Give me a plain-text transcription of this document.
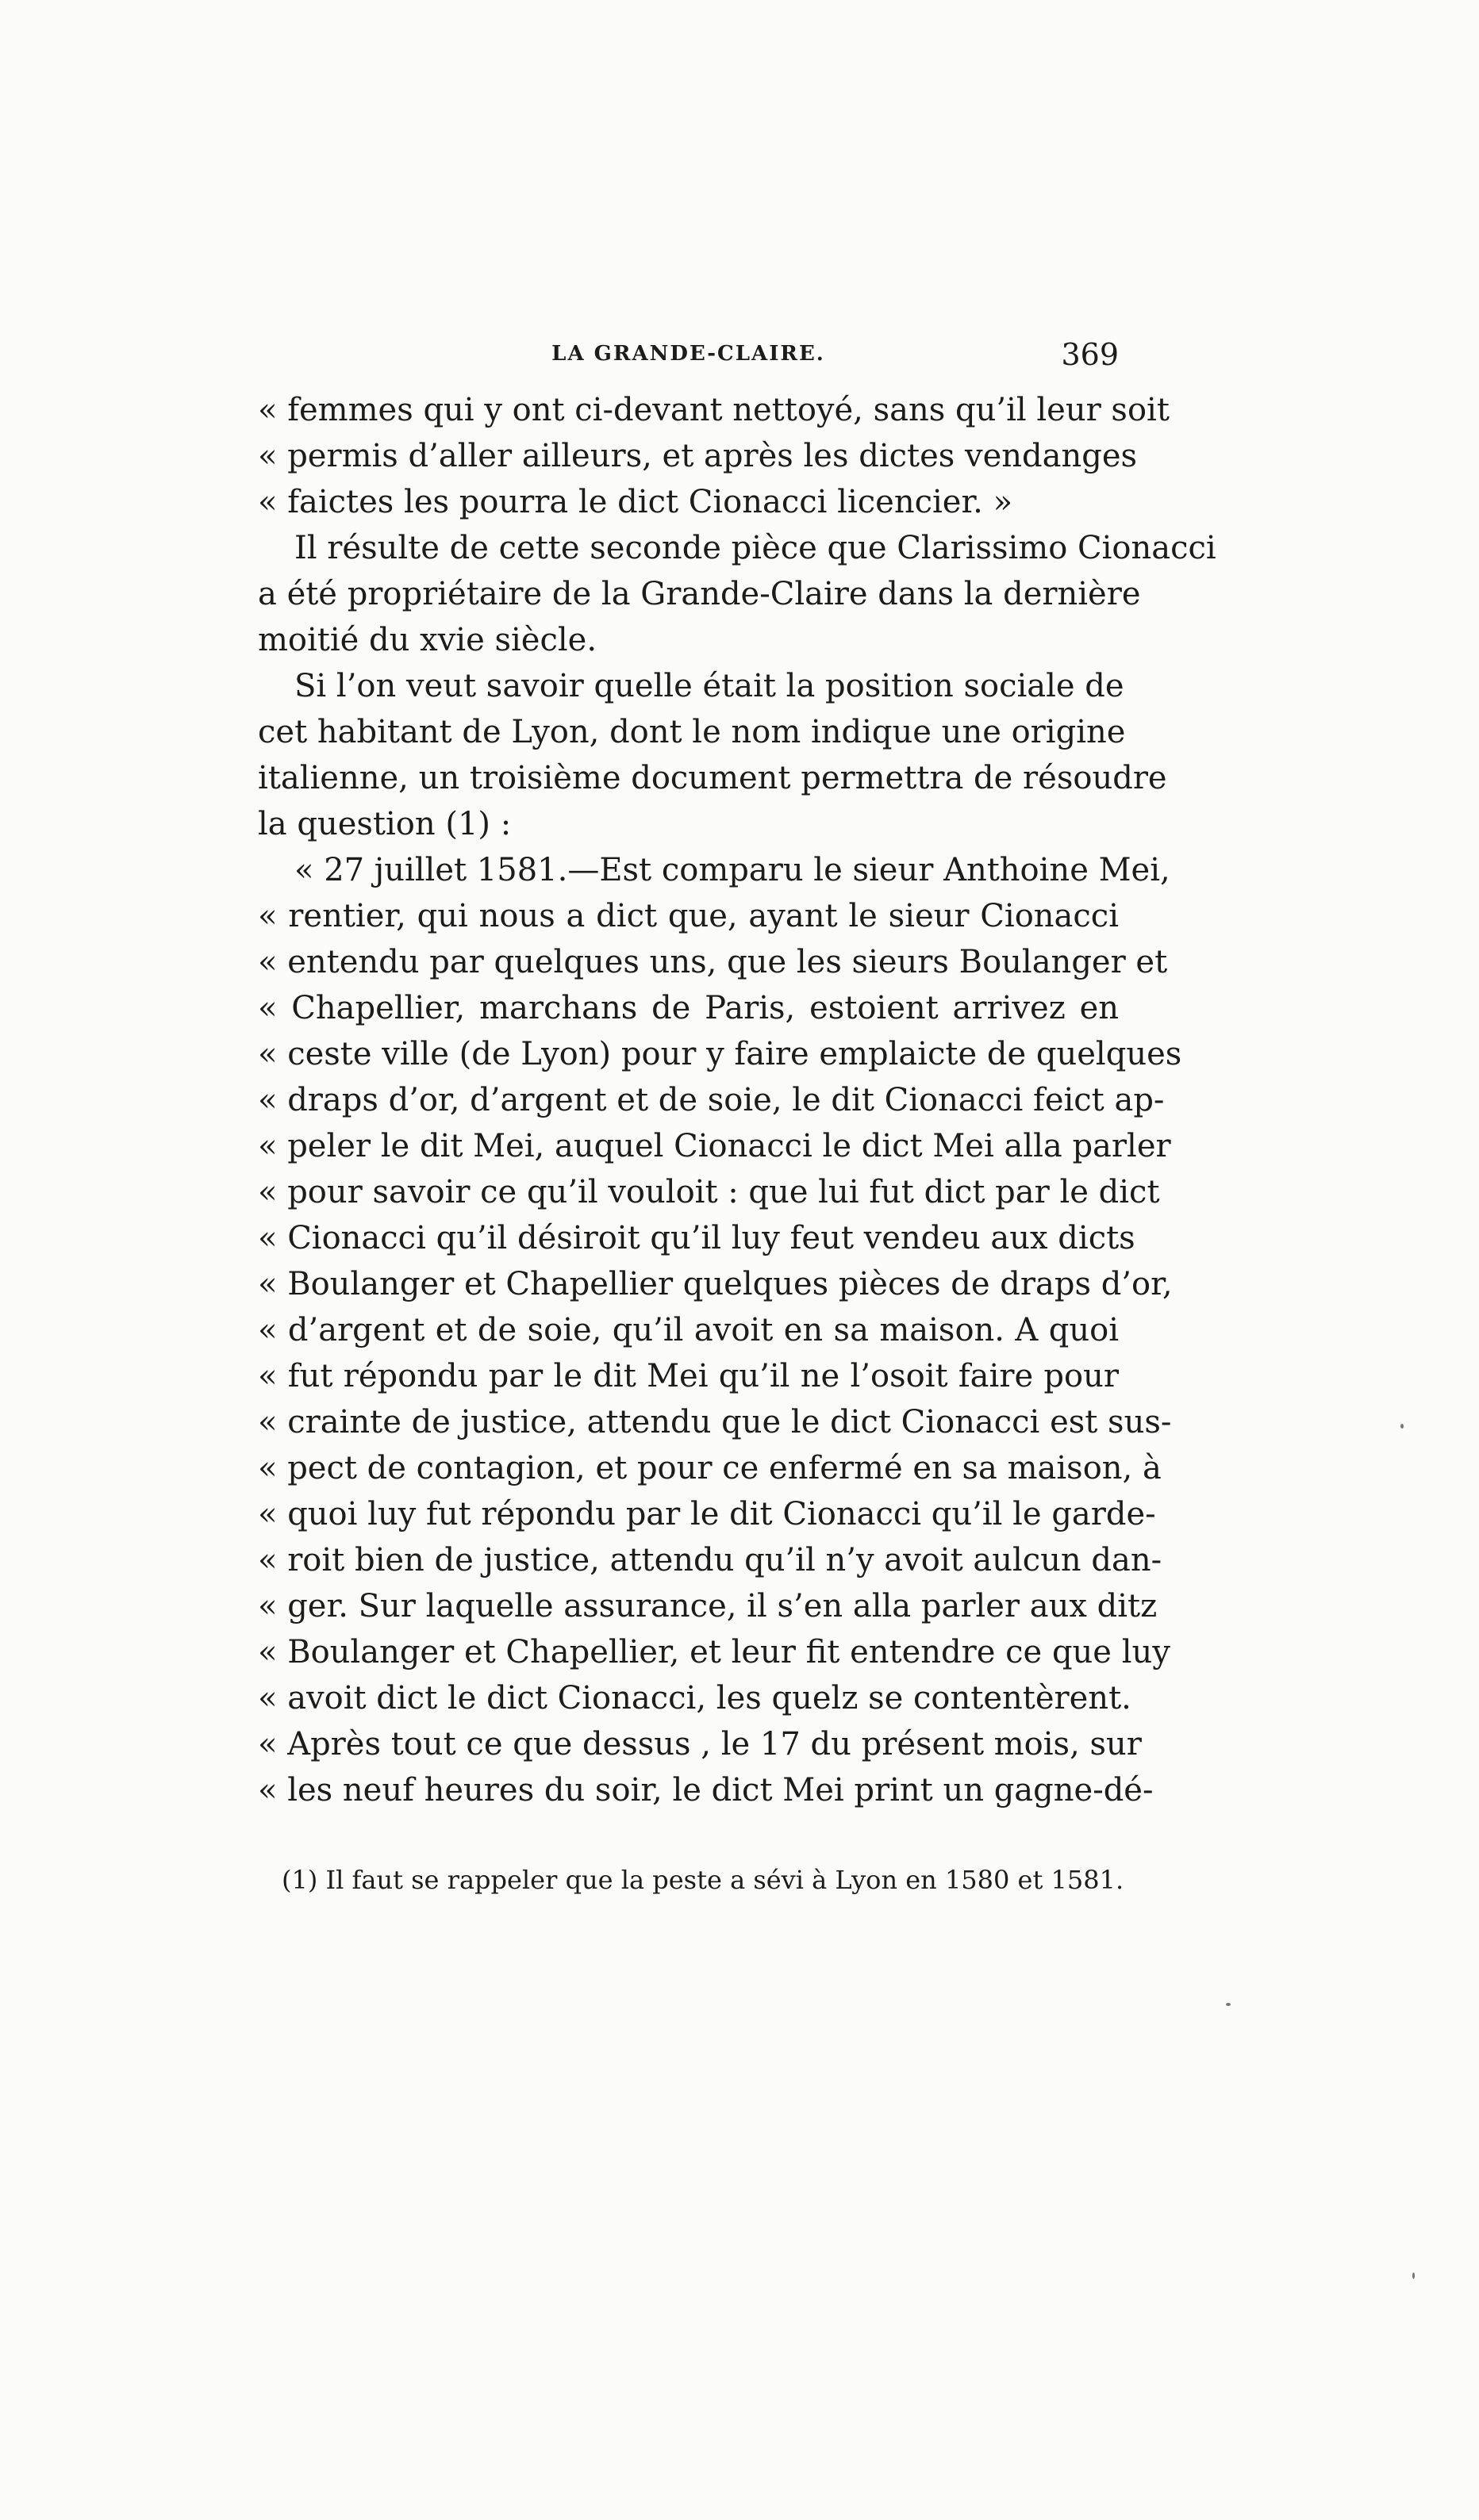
LA GRANDE-CLAIRE.	369
« femmes qui y ont ci-devant nettoyé, sans qu’il leur soit
« permis d’aller ailleurs, et après les dictes vendanges
« faictes les pourra le dict Cionacci licencier. »
Il résulte de cette seconde pièce que Clarissimo Cionacci
a été propriétaire de la Grande-Claire dans la dernière
moitié du xvie siècle.
Si l’on veut savoir quelle était la position sociale de
cet habitant de Lyon, dont le nom indique une origine
italienne, un troisième document permettra de résoudre
la question (1) :
« 27 juillet 1581.—Est comparu le sieur Anthoine Mei,
« rentier, qui nous a dict que, ayant le sieur Cionacci
« entendu par quelques uns, que les sieurs Boulanger et
« Chapellier, marchans de Paris, estoient arrivez en
« ceste ville (de Lyon) pour y faire emplaicte de quelques
« draps d’or, d’argent et de soie, le dit Cionacci feict ap-
« peler le dit Mei, auquel Cionacci le dict Mei alla parler
« pour savoir ce qu’il vouloit : que lui fut dict par le dict
« Cionacci qu’il désiroit qu’il luy feut vendeu aux dicts
« Boulanger et Chapellier quelques pièces de draps d’or,
« d’argent et de soie, qu’il avoit en sa maison. A quoi
« fut répondu par le dit Mei qu’il ne l’osoit faire pour
« crainte de justice, attendu que le dict Cionacci est sus-
« pect de contagion, et pour ce enfermé en sa maison, à
« quoi luy fut répondu par le dit Cionacci qu’il le garde-
« roit bien de justice, attendu qu’il n’y avoit aulcun dan-
« ger. Sur laquelle assurance, il s’en alla parler aux ditz
« Boulanger et Chapellier, et leur fit entendre ce que luy
« avoit dict le dict Cionacci, les quelz se contentèrent.
« Après tout ce que dessus , le 17 du présent mois, sur
« les neuf heures du soir, le dict Mei print un gagne-dé-
(1) Il faut se rappeler que la peste a sévi à Lyon en 1580 et 1581.
